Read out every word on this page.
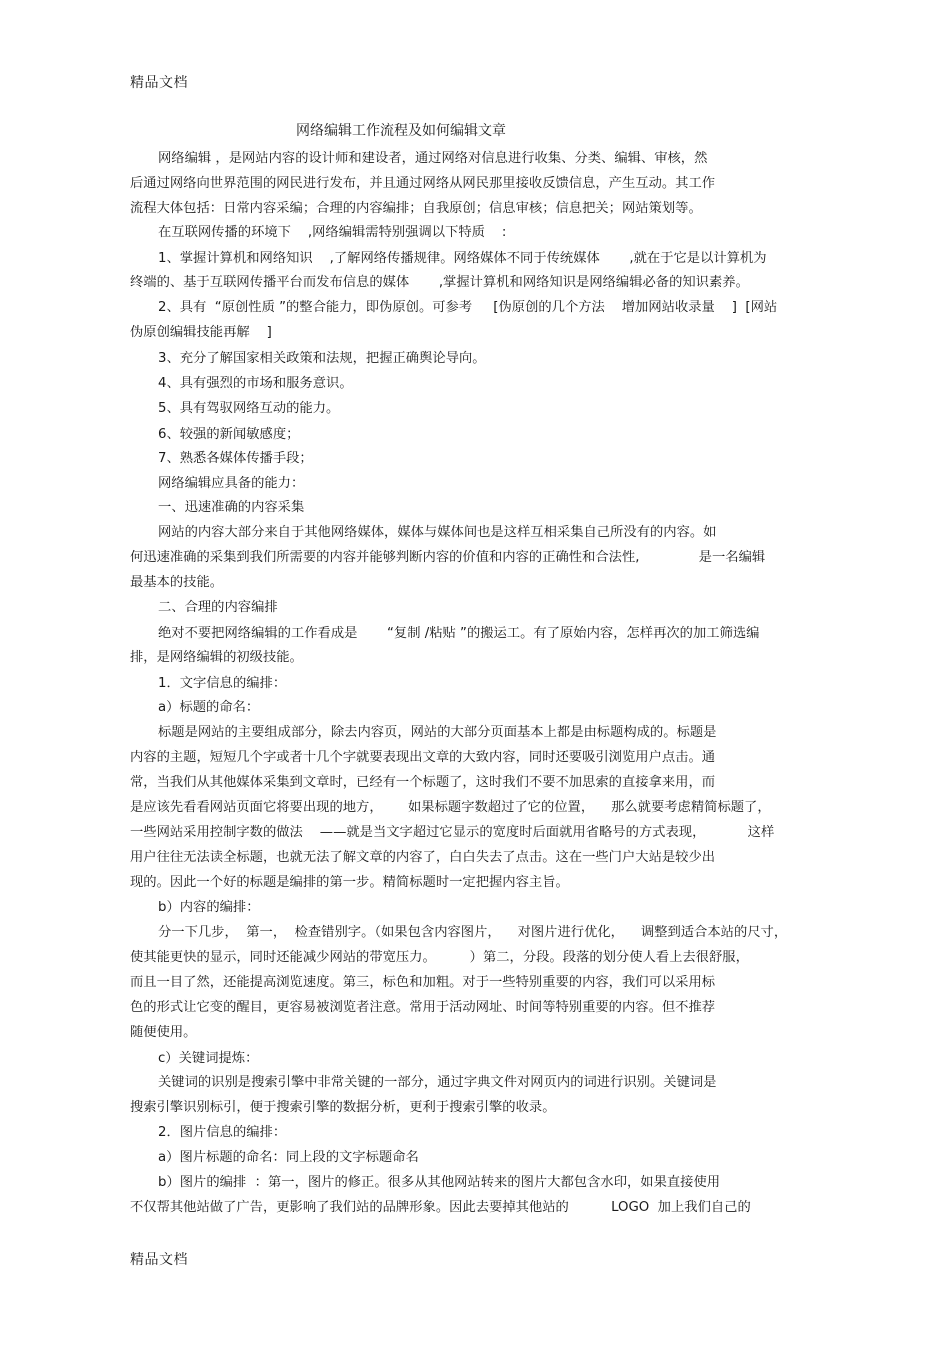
精品文档
网络编辑工作流程及如何编辑文章
网络编辑 ，是网站内容的设计师和建设者，通过网络对信息进行收集、分类、编辑、审核，然
后通过网络向世界范围的网民进行发布，并且通过网络从网民那里接收反馈信息，产生互动。其工作
流程大体包括：日常内容采编；合理的内容编排；自我原创；信息审核；信息把关；网站策划等。
在互联网传播的环境下    ,网络编辑需特别强调以下特质    :
1、掌握计算机和网络知识    ,了解网络传播规律。网络媒体不同于传统媒体       ,就在于它是以计算机为
终端的、基于互联网传播平台而发布信息的媒体       ,掌握计算机和网络知识是网络编辑必备的知识素养。
2、具有  “原创性质 ”的整合能力，即伪原创。可参考     [伪原创的几个方法    增加网站收录量    ]  [网站
伪原创编辑技能再解    ]
3、充分了解国家相关政策和法规，把握正确舆论导向。
4、具有强烈的市场和服务意识。
5、具有驾驭网络互动的能力。
6、较强的新闻敏感度；
7、熟悉各媒体传播手段；
网络编辑应具备的能力：
一、迅速准确的内容采集
网站的内容大部分来自于其他网络媒体，媒体与媒体间也是这样互相采集自己所没有的内容。如
何迅速准确的采集到我们所需要的内容并能够判断内容的价值和内容的正确性和合法性,              是一名编辑
最基本的技能。
二、合理的内容编排
绝对不要把网络编辑的工作看成是       “复制 /粘贴 ”的搬运工。有了原始内容，怎样再次的加工筛选编
排，是网络编辑的初级技能。
1．文字信息的编排：
a）标题的命名：
标题是网站的主要组成部分，除去内容页，网站的大部分页面基本上都是由标题构成的。标题是
内容的主题，短短几个字或者十几个字就要表现出文章的大致内容，同时还要吸引浏览用户点击。通
常，当我们从其他媒体采集到文章时，已经有一个标题了，这时我们不要不加思索的直接拿来用，而
是应该先看看网站页面它将要出现的地方，      如果标题字数超过了它的位置，    那么就要考虑精简标题了，
一些网站采用控制字数的做法    ——就是当文字超过它显示的宽度时后面就用省略号的方式表现，          这样
用户往往无法读全标题，也就无法了解文章的内容了，白白失去了点击。这在一些门户大站是较少出
现的。因此一个好的标题是编排的第一步。精简标题时一定把握内容主旨。
b）内容的编排：
分一下几步，  第一，  检查错别字。（如果包含内容图片，    对图片进行优化，    调整到适合本站的尺寸，
使其能更快的显示，同时还能减少网站的带宽压力。        ）第二，分段。段落的划分使人看上去很舒服，
而且一目了然，还能提高浏览速度。第三，标色和加粗。对于一些特别重要的内容，我们可以采用标
色的形式让它变的醒目，更容易被浏览者注意。常用于活动网址、时间等特别重要的内容。但不推荐
随便使用。
c）关键词提炼：
关键词的识别是搜索引擎中非常关键的一部分，通过字典文件对网页内的词进行识别。关键词是
搜索引擎识别标引，便于搜索引擎的数据分析，更利于搜索引擎的收录。
2．图片信息的编排：
a）图片标题的命名：同上段的文字标题命名
b）图片的编排  ：第一，图片的修正。很多从其他网站转来的图片大都包含水印，如果直接使用
不仅帮其他站做了广告，更影响了我们站的品牌形象。因此去要掉其他站的          LOGO  加上我们自己的
精品文档
